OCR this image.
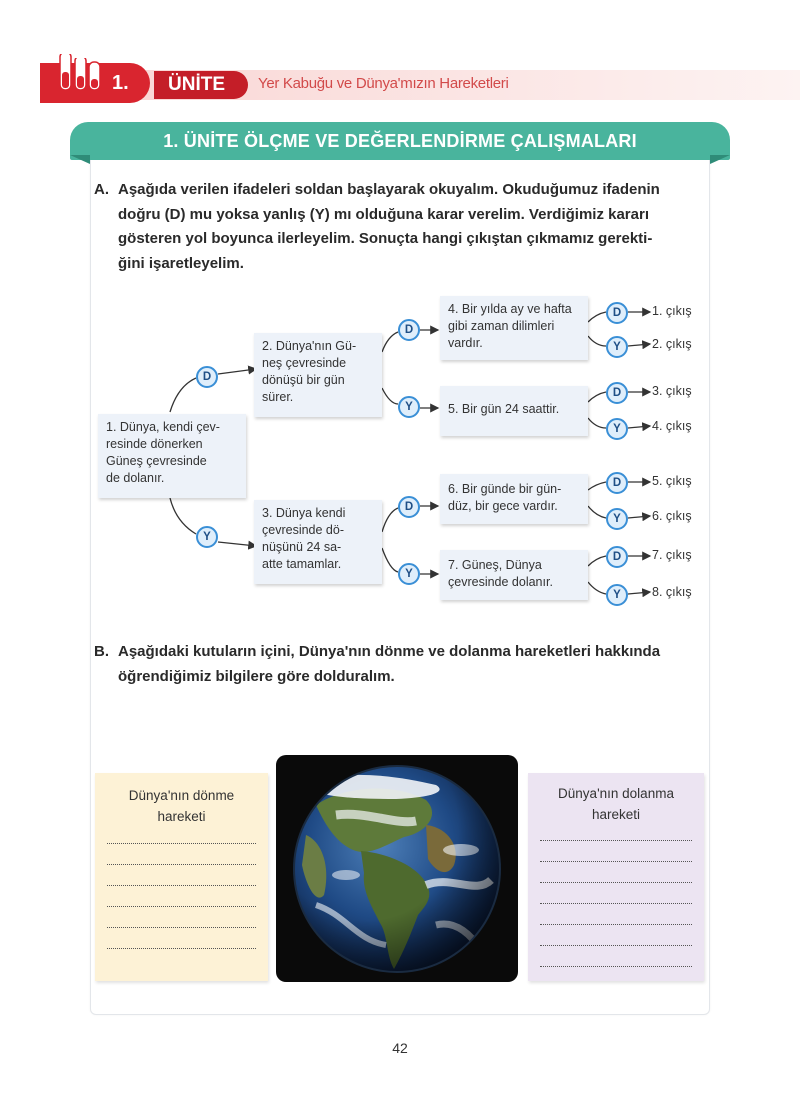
1.	ÜNİTE	Yer Kabuğu ve Dünya'mızın Hareketleri
1. ÜNİTE ÖLÇME VE DEĞERLENDİRME ÇALIŞMALARI
A. Aşağıda verilen ifadeleri soldan başlayarak okuyalım. Okuduğumuz ifadenin
doğru (D) mu yoksa yanlış (Y) mı olduğuna karar verelim. Verdiğimiz kararı
gösteren yol boyunca ilerleyelim. Sonuçta hangi çıkıştan çıkmamız gerekti-
ğini işaretleyelim.
1. Dünya, kendi çev-
resinde dönerken
Güneş çevresinde
de dolanır.
2. Dünya'nın Gü-
neş çevresinde
dönüşü bir gün
sürer.
3. Dünya kendi
çevresinde dö-
nüşünü 24 sa-
atte tamamlar.
4. Bir yılda ay ve hafta
gibi zaman dilimleri
vardır.
5. Bir gün 24 saattir.
6. Bir günde bir gün-
düz, bir gece vardır.
7. Güneş, Dünya
çevresinde dolanır.
D
Y
D
Y
D
Y
D
Y
D
Y
D
Y
D
Y
1. çıkış
2. çıkış
3. çıkış
4. çıkış
5. çıkış
6. çıkış
7. çıkış
8. çıkış
B. Aşağıdaki kutuların içini, Dünya'nın dönme ve dolanma hareketleri hakkında
öğrendiğimiz bilgilere göre dolduralım.
Dünya'nın dönme
hareketi
Dünya'nın dolanma
hareketi
42
